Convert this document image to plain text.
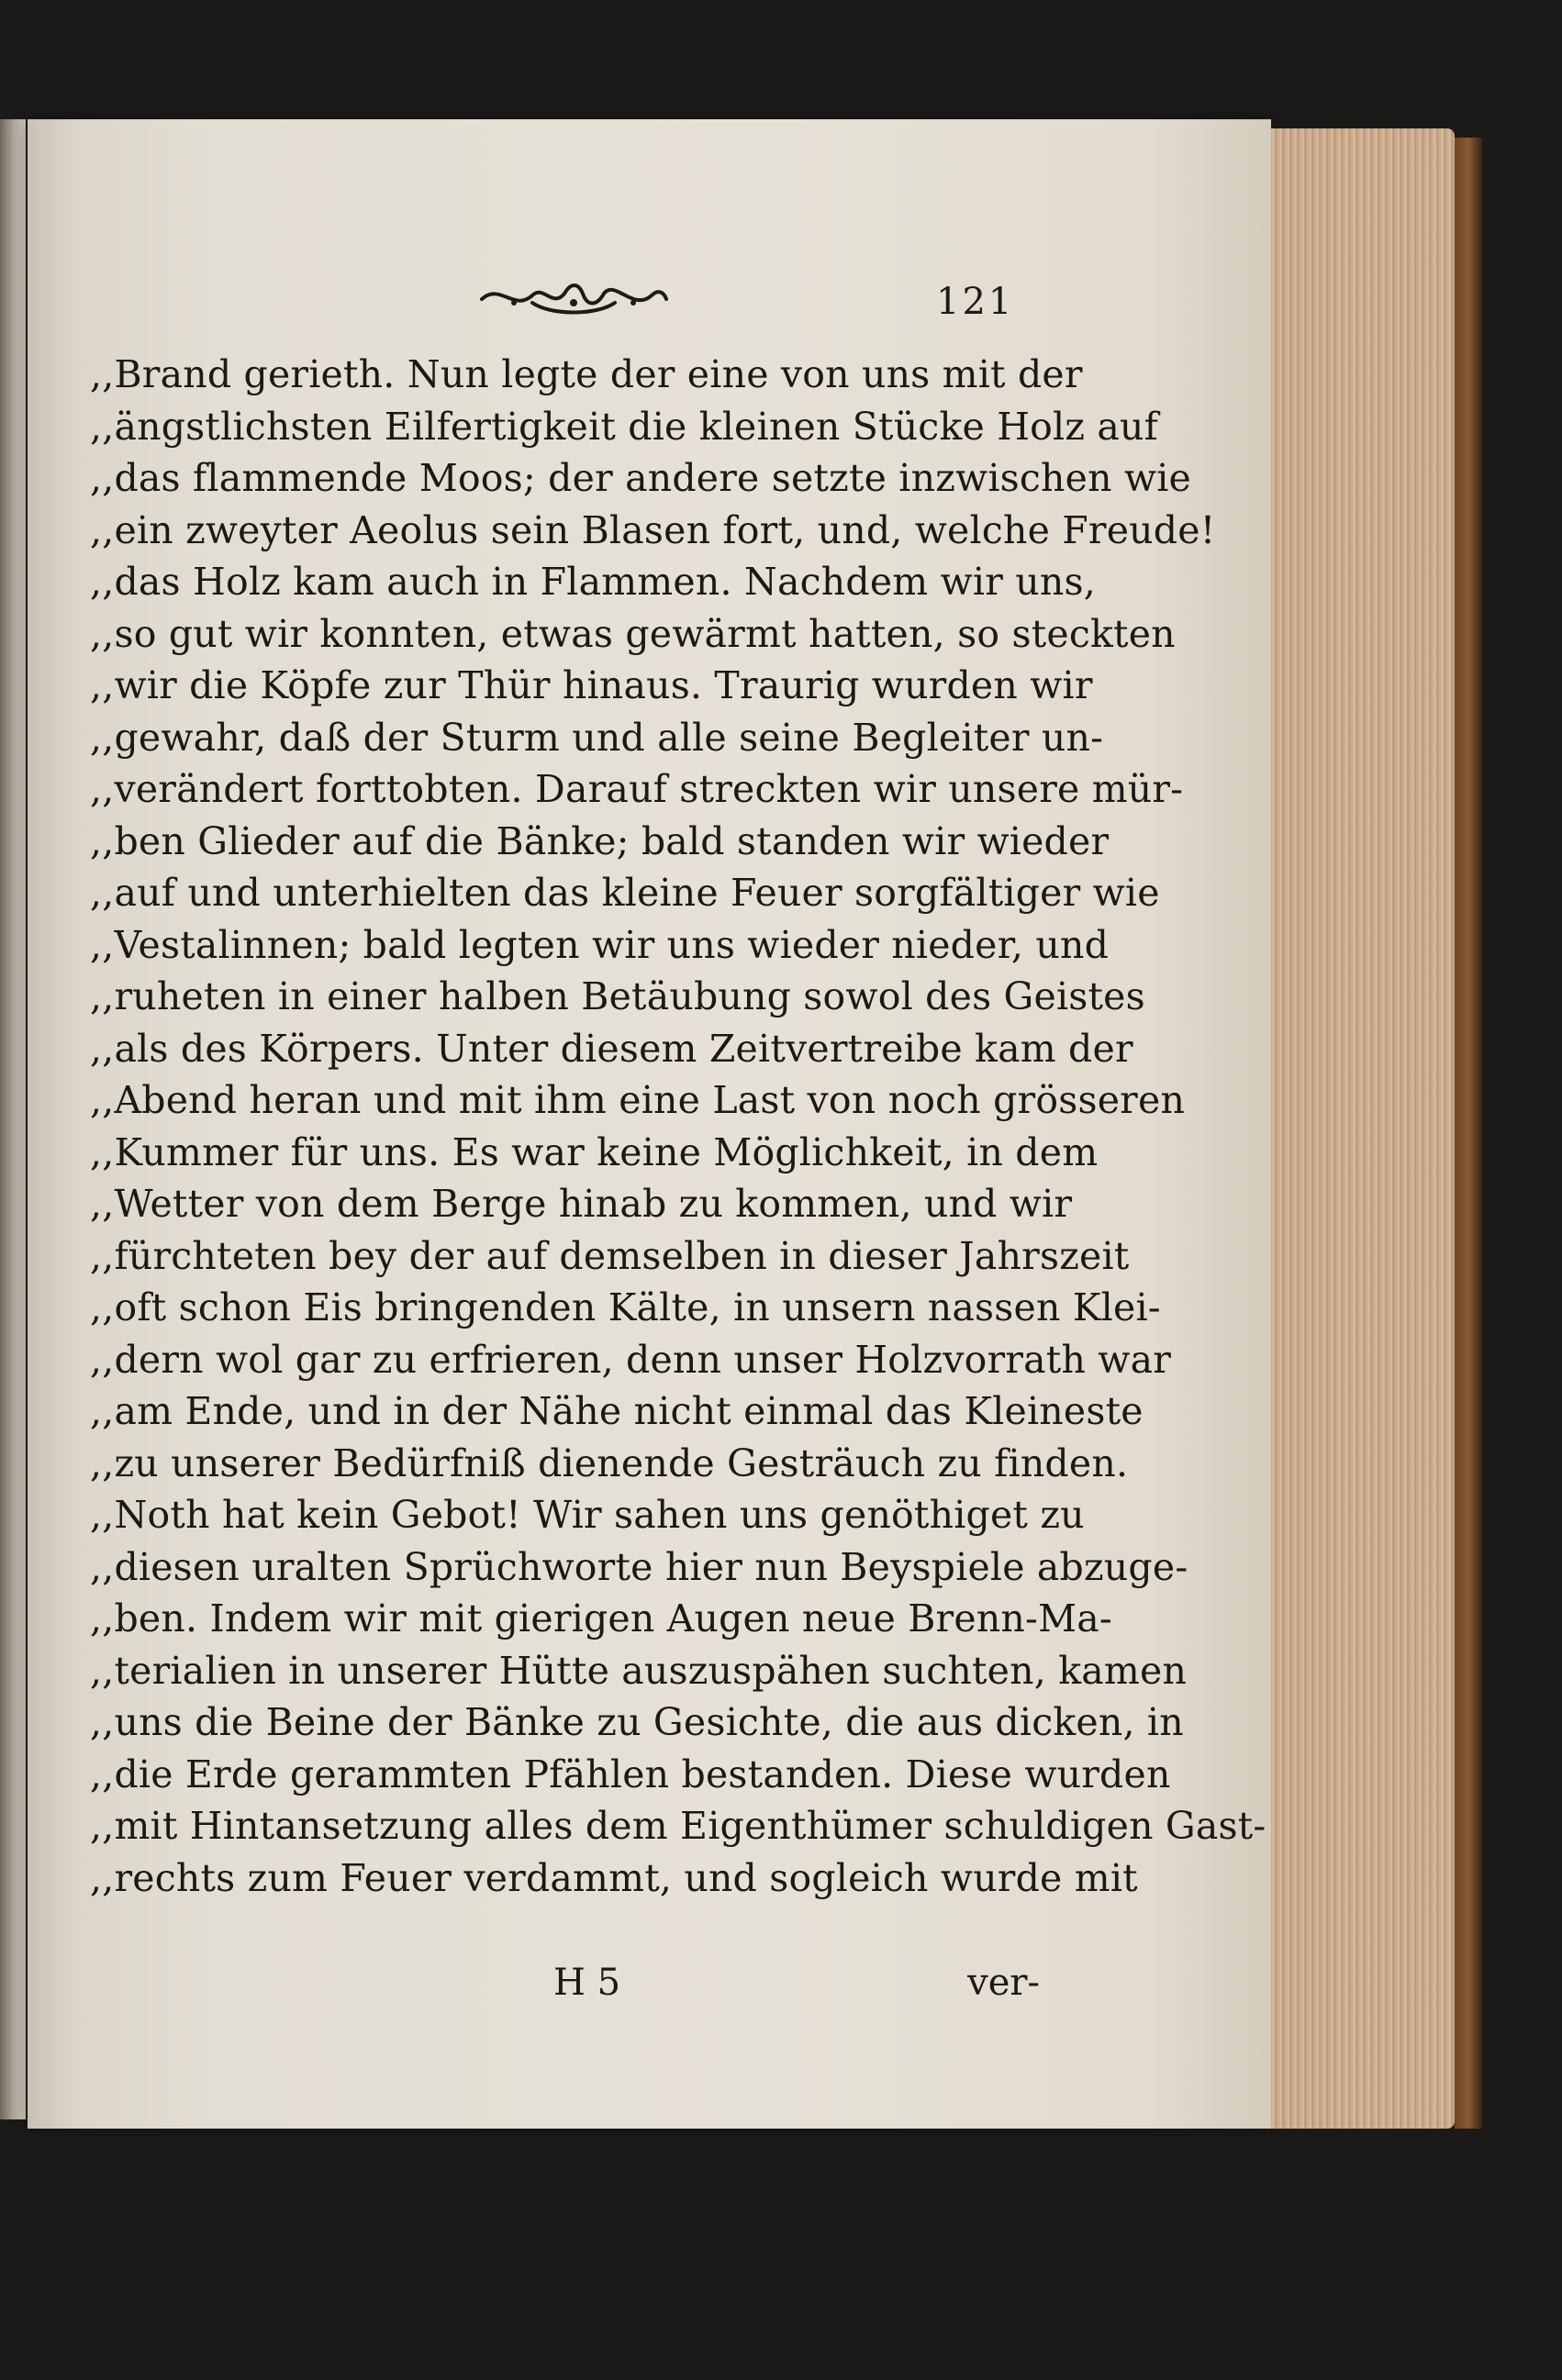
121
,,Brand gerieth. Nun legte der eine von uns mit der
,,ängstlichsten Eilfertigkeit die kleinen Stücke Holz auf
,,das flammende Moos; der andere setzte inzwischen wie
,,ein zweyter Aeolus sein Blasen fort, und, welche Freude!
,,das Holz kam auch in Flammen. Nachdem wir uns,
,,so gut wir konnten, etwas gewärmt hatten, so steckten
,,wir die Köpfe zur Thür hinaus. Traurig wurden wir
,,gewahr, daß der Sturm und alle seine Begleiter un-
,,verändert forttobten. Darauf streckten wir unsere mür-
,,ben Glieder auf die Bänke; bald standen wir wieder
,,auf und unterhielten das kleine Feuer sorgfältiger wie
,,Vestalinnen; bald legten wir uns wieder nieder, und
,,ruheten in einer halben Betäubung sowol des Geistes
,,als des Körpers. Unter diesem Zeitvertreibe kam der
,,Abend heran und mit ihm eine Last von noch grösseren
,,Kummer für uns. Es war keine Möglichkeit, in dem
,,Wetter von dem Berge hinab zu kommen, und wir
,,fürchteten bey der auf demselben in dieser Jahrszeit
,,oft schon Eis bringenden Kälte, in unsern nassen Klei-
,,dern wol gar zu erfrieren, denn unser Holzvorrath war
,,am Ende, und in der Nähe nicht einmal das Kleineste
,,zu unserer Bedürfniß dienende Gesträuch zu finden.
,,Noth hat kein Gebot! Wir sahen uns genöthiget zu
,,diesen uralten Sprüchworte hier nun Beyspiele abzuge-
,,ben. Indem wir mit gierigen Augen neue Brenn-Ma-
,,terialien in unserer Hütte auszuspähen suchten, kamen
,,uns die Beine der Bänke zu Gesichte, die aus dicken, in
,,die Erde gerammten Pfählen bestanden. Diese wurden
,,mit Hintansetzung alles dem Eigenthümer schuldigen Gast-
,,rechts zum Feuer verdammt, und sogleich wurde mit
H 5	ver-
